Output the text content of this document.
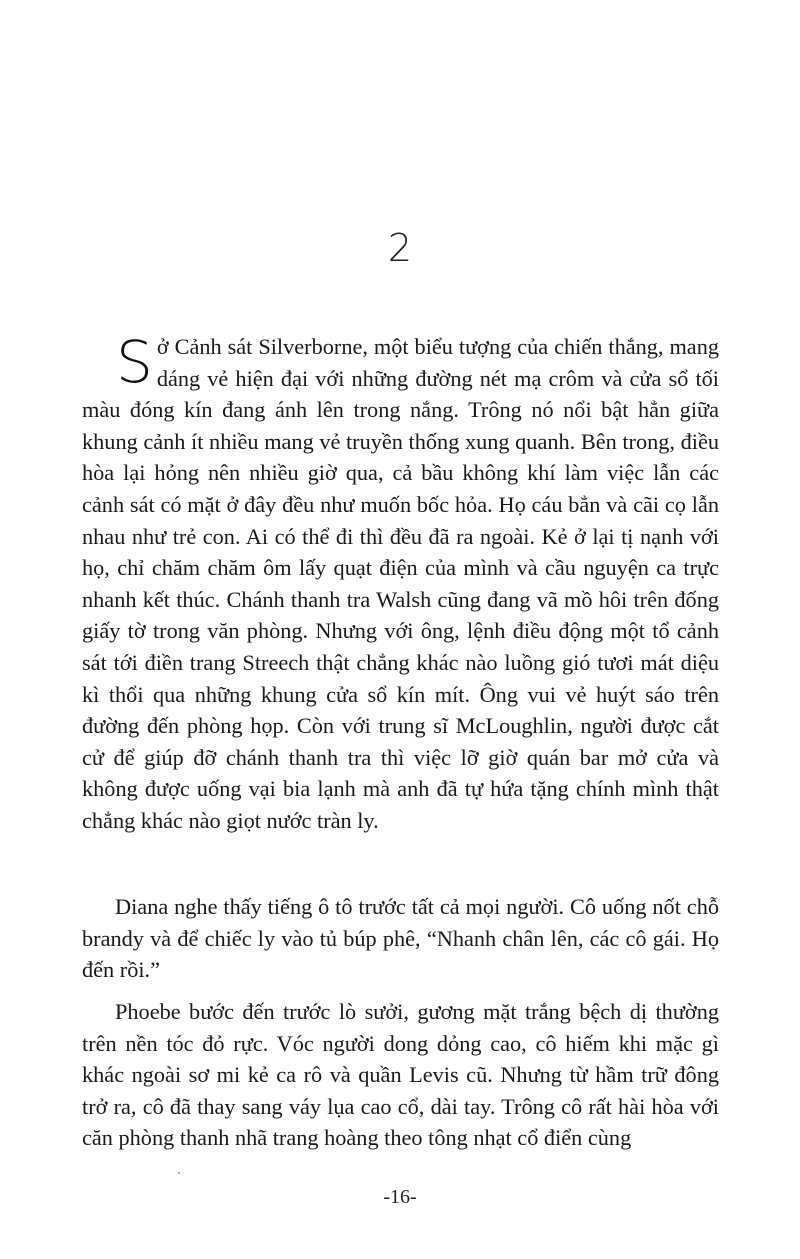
2

Sở Cảnh sát Silverborne, một biểu tượng của chiến thắng, mang dáng vẻ hiện đại với những đường nét mạ crôm và cửa sổ tối màu đóng kín đang ánh lên trong nắng. Trông nó nổi bật hẳn giữa khung cảnh ít nhiều mang vẻ truyền thống xung quanh. Bên trong, điều hòa lại hỏng nên nhiều giờ qua, cả bầu không khí làm việc lẫn các cảnh sát có mặt ở đây đều như muốn bốc hỏa. Họ cáu bẳn và cãi cọ lẫn nhau như trẻ con. Ai có thể đi thì đều đã ra ngoài. Kẻ ở lại tị nạnh với họ, chỉ chăm chăm ôm lấy quạt điện của mình và cầu nguyện ca trực nhanh kết thúc. Chánh thanh tra Walsh cũng đang vã mồ hôi trên đống giấy tờ trong văn phòng. Nhưng với ông, lệnh điều động một tổ cảnh sát tới điền trang Streech thật chẳng khác nào luồng gió tươi mát diệu kì thổi qua những khung cửa sổ kín mít. Ông vui vẻ huýt sáo trên đường đến phòng họp. Còn với trung sĩ McLoughlin, người được cắt cử để giúp đỡ chánh thanh tra thì việc lỡ giờ quán bar mở cửa và không được uống vại bia lạnh mà anh đã tự hứa tặng chính mình thật chẳng khác nào giọt nước tràn ly.

Diana nghe thấy tiếng ô tô trước tất cả mọi người. Cô uống nốt chỗ brandy và để chiếc ly vào tủ búp phê, “Nhanh chân lên, các cô gái. Họ đến rồi.”

Phoebe bước đến trước lò sưởi, gương mặt trắng bệch dị thường trên nền tóc đỏ rực. Vóc người dong dỏng cao, cô hiếm khi mặc gì khác ngoài sơ mi kẻ ca rô và quần Levis cũ. Nhưng từ hầm trữ đông trở ra, cô đã thay sang váy lụa cao cổ, dài tay. Trông cô rất hài hòa với căn phòng thanh nhã trang hoàng theo tông nhạt cổ điển cùng

-16-
